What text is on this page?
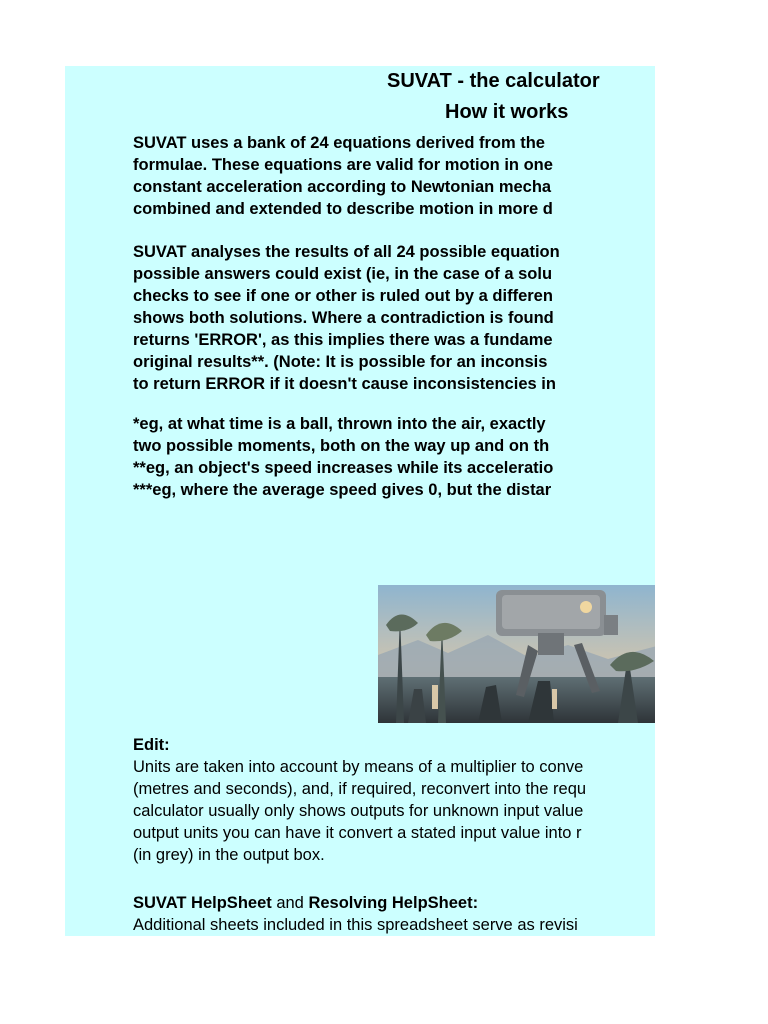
SUVAT - the calculator
How it works
SUVAT uses a bank of 24 equations derived from the
formulae. These equations are valid for motion in one
constant acceleration according to Newtonian mecha
combined and extended to describe motion in more d
SUVAT analyses the results of all 24 possible equation
possible answers could exist (ie, in the case of a solu
checks to see if one or other is ruled out by a differen
shows both solutions. Where a contradiction is found
returns 'ERROR', as this implies there was a fundame
original results**. (Note: It is possible for an inconsis
to return ERROR if it doesn't cause inconsistencies in
*eg, at what time is a ball, thrown into the air, exactly
two possible moments, both on the way up and on th
**eg, an object's speed increases while its acceleratio
***eg, where the average speed gives 0, but the distar
Edit:
Units are taken into account by means of a multiplier to conve
(metres and seconds), and, if required, reconvert into the requ
calculator usually only shows outputs for unknown input value
output units you can have it convert a stated input value into r
(in grey) in the output box.
SUVAT HelpSheet and Resolving HelpSheet:
Additional sheets included in this spreadsheet serve as revisi
